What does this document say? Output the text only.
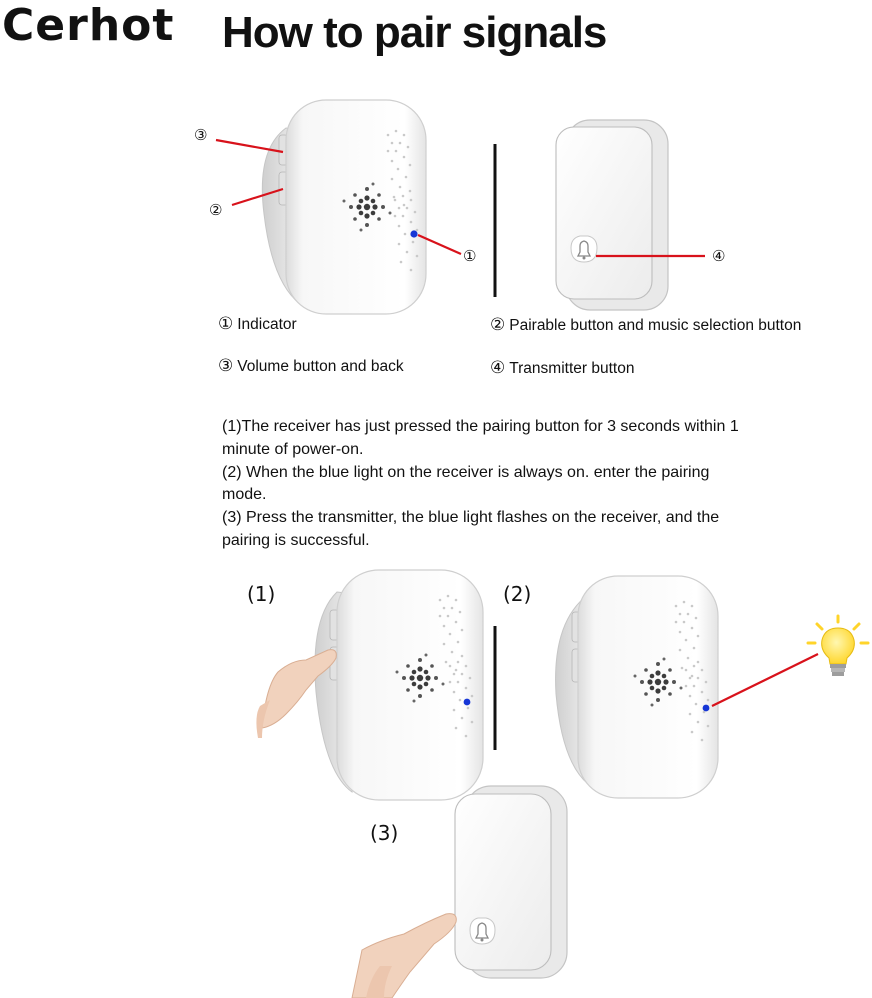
Cerhot How to pair signals
③
②
①	④
① Indicator	② Pairable button and music selection button
③ Volume button and back	④ Transmitter button
(1)The receiver has just pressed the pairing button for 3 seconds within 1 minute of power-on.
(2) When the blue light on the receiver is always on. enter the pairing mode.
(3) Press the transmitter, the blue light flashes on the receiver, and the pairing is successful.
(1)	(2)
(3)
